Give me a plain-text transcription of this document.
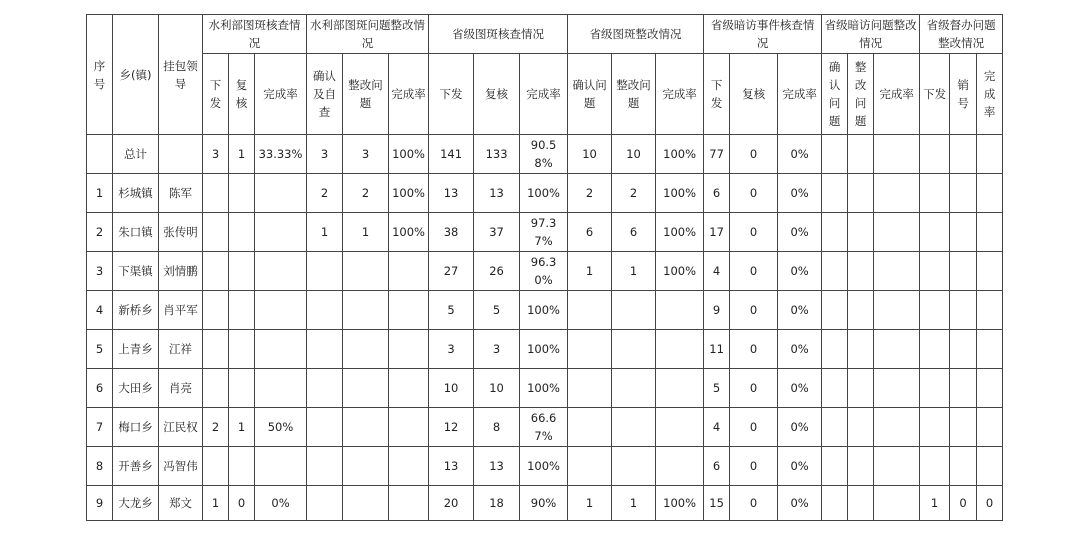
序号	乡(镇)	挂包领导	水利部图斑核查情况			水利部图斑问题整改情况			省级图斑核查情况			省级图斑整改情况			省级暗访事件核查情况			省级暗访问题整改情况			省级督办问题整改情况		
			下发	复核	完成率	确认及自查	整改问题	完成率	下发	复核	完成率	确认问题	整改问题	完成率	下发	复核	完成率	确认问题	整改问题	完成率	下发	销号	完成率
	总计		3	1	33.33%	3	3	100%	141	133	90.58%	10	10	100%	77	0	0%						
1	杉城镇	陈军				2	2	100%	13	13	100%	2	2	100%	6	0	0%						
2	朱口镇	张传明				1	1	100%	38	37	97.37%	6	6	100%	17	0	0%						
3	下渠镇	刘情鹏							27	26	96.30%	1	1	100%	4	0	0%						
4	新桥乡	肖平军							5	5	100%				9	0	0%						
5	上青乡	江祥							3	3	100%				11	0	0%						
6	大田乡	肖亮							10	10	100%				5	0	0%						
7	梅口乡	江民权	2	1	50%				12	8	66.67%				4	0	0%						
8	开善乡	冯智伟							13	13	100%				6	0	0%						
9	大龙乡	郑文	1	0	0%				20	18	90%	1	1	100%	15	0	0%				1	0	0
